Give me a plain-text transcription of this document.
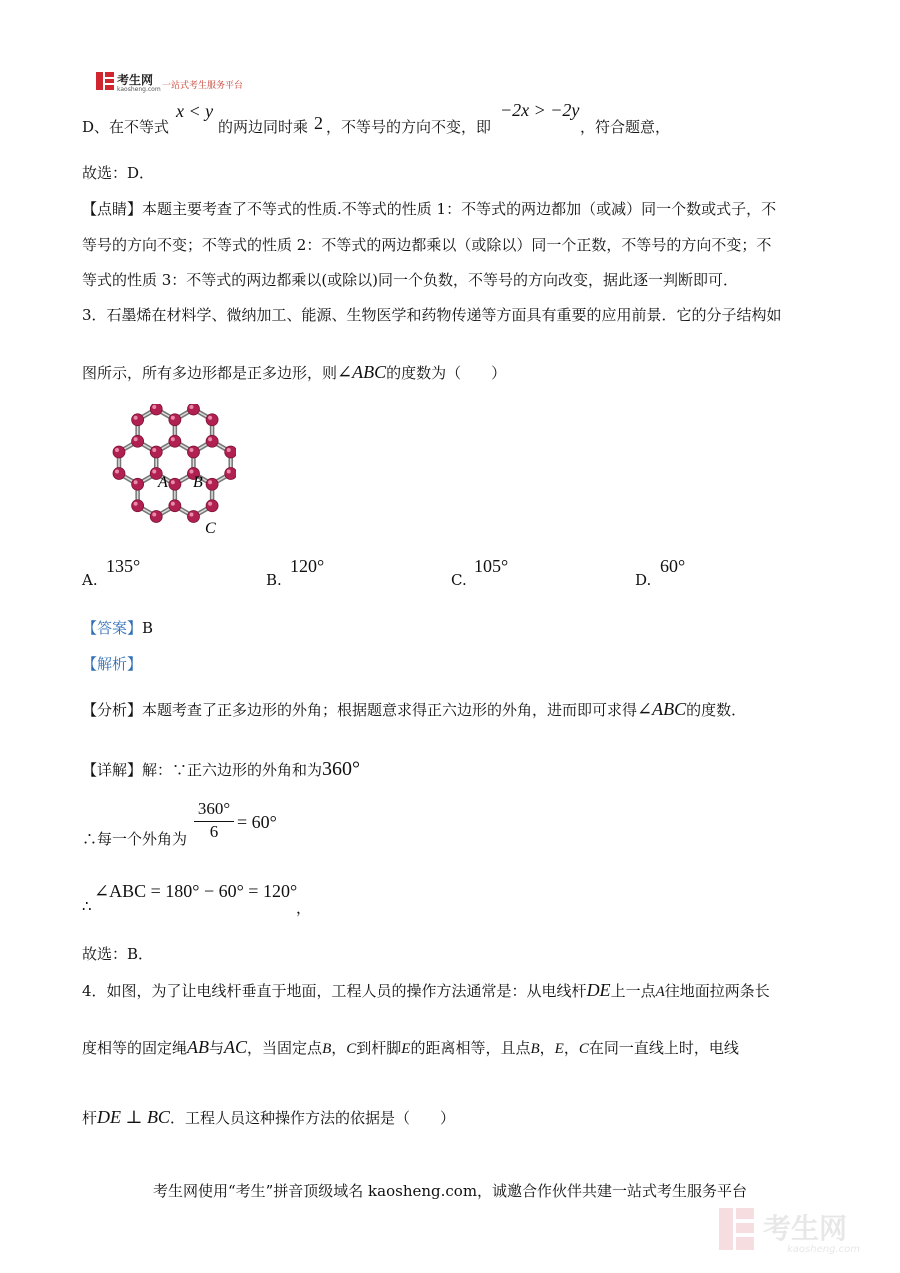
考生网
kaosheng.com 一站式考生服务平台
D、在不等式
x < y
的两边同时乘 2 ，不等号的方向不变，即
−2x > −2y
，符合题意，
故选：D．
【点睛】本题主要考查了不等式的性质.不等式的性质 1：不等式的两边都加（或减）同一个数或式子，不
等号的方向不变；不等式的性质 2：不等式的两边都乘以（或除以）同一个正数，不等号的方向不变；不
等式的性质 3：不等式的两边都乘以(或除以)同一个负数，不等号的方向改变，据此逐一判断即可．
3．石墨烯在材料学、微纳加工、能源、生物医学和药物传递等方面具有重要的应用前景．它的分子结构如
图所示，所有多边形都是正多边形，则∠ABC的度数为（　　）
A B
C
A.
135°
B.
120°
C.
105°
D.
60°
【答案】B
【解析】
【分析】本题考查了正多边形的外角；根据题意求得正六边形的外角，进而即可求得∠ABC的度数．
【详解】解：∵正六边形的外角和为360°
∴每一个外角为 $\frac{360^\circ}{6} = 60^\circ$
∴
∠ABC = 180° − 60° = 120°
，
故选：B．
4．如图，为了让电线杆垂直于地面，工程人员的操作方法通常是：从电线杆DE上一点A往地面拉两条长
度相等的固定绳AB与AC，当固定点B，C到杆脚E的距离相等，且点B，E，C在同一直线上时，电线
杆DE ⊥ BC．工程人员这种操作方法的依据是（　　）
考生网使用“考生”拼音顶级域名 kaosheng.com，诚邀合作伙伴共建一站式考生服务平台
考生网
kaosheng.com
